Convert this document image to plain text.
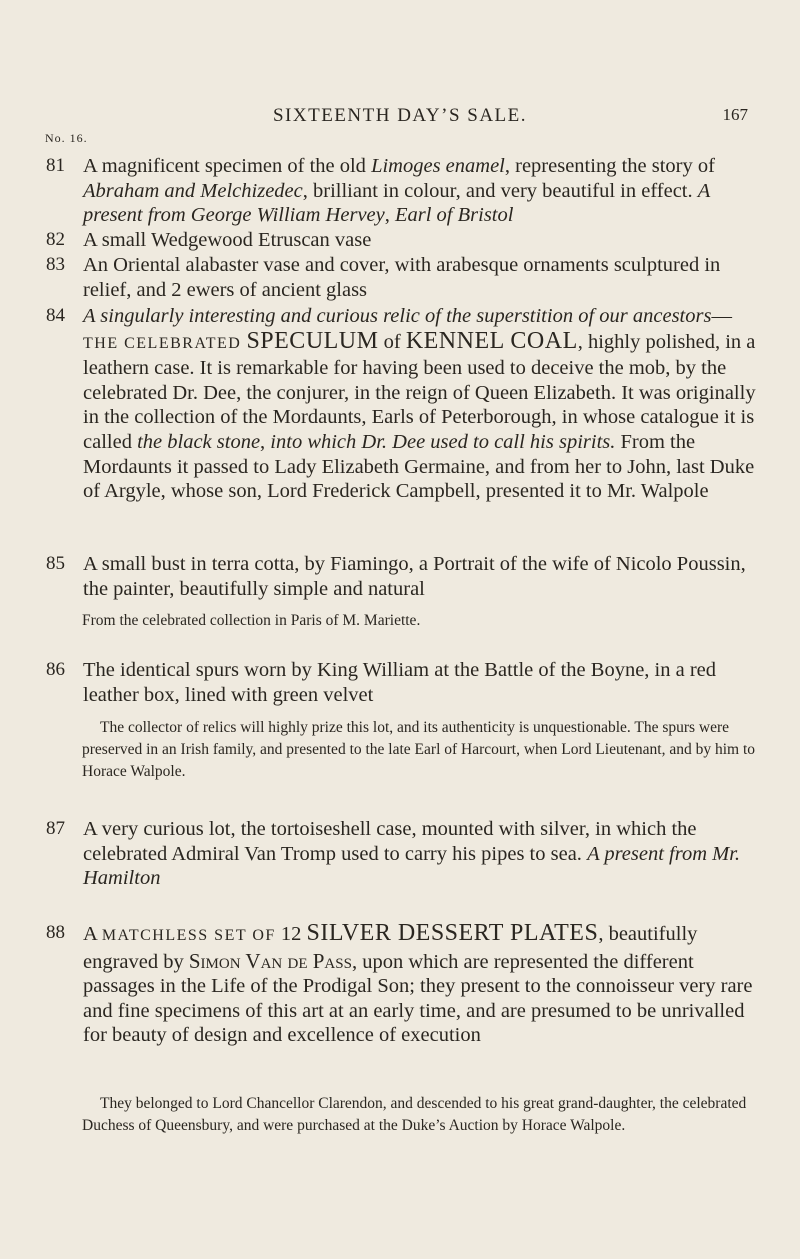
SIXTEENTH DAY’S SALE.	167
No. 16.
81 A magnificent specimen of the old Limoges enamel, representing the story of Abraham and Melchizedec, brilliant in colour, and very beautiful in effect. A present from George William Hervey, Earl of Bristol
82 A small Wedgewood Etruscan vase
83 An Oriental alabaster vase and cover, with arabesque ornaments sculptured in relief, and 2 ewers of ancient glass
84 A singularly interesting and curious relic of the superstition of our ancestors— THE CELEBRATED SPECULUM of KENNEL COAL, highly polished, in a leathern case. It is remarkable for having been used to deceive the mob, by the celebrated Dr. Dee, the conjurer, in the reign of Queen Elizabeth. It was originally in the collection of the Mordaunts, Earls of Peterborough, in whose catalogue it is called the black stone, into which Dr. Dee used to call his spirits. From the Mordaunts it passed to Lady Elizabeth Germaine, and from her to John, last Duke of Argyle, whose son, Lord Frederick Campbell, presented it to Mr. Walpole
85 A small bust in terra cotta, by Fiamingo, a Portrait of the wife of Nicolo Poussin, the painter, beautifully simple and natural
From the celebrated collection in Paris of M. Mariette.
86 The identical spurs worn by King William at the Battle of the Boyne, in a red leather box, lined with green velvet
The collector of relics will highly prize this lot, and its authenticity is unquestionable. The spurs were preserved in an Irish family, and presented to the late Earl of Harcourt, when Lord Lieutenant, and by him to Horace Walpole.
87 A very curious lot, the tortoiseshell case, mounted with silver, in which the celebrated Admiral Van Tromp used to carry his pipes to sea. A present from Mr. Hamilton
88 A MATCHLESS SET OF 12 SILVER DESSERT PLATES, beautifully engraved by Simon Van de Pass, upon which are represented the different passages in the Life of the Prodigal Son; they present to the connoisseur very rare and fine specimens of this art at an early time, and are presumed to be unrivalled for beauty of design and excellence of execution
They belonged to Lord Chancellor Clarendon, and descended to his great grand-daughter, the celebrated Duchess of Queensbury, and were purchased at the Duke’s Auction by Horace Walpole.
